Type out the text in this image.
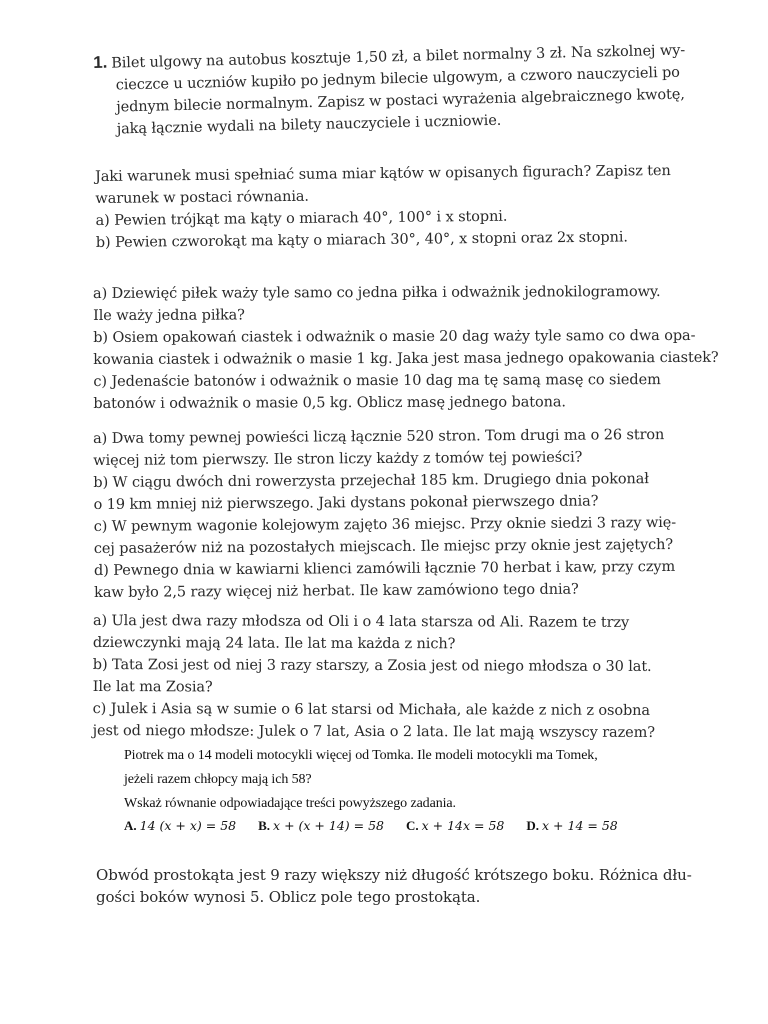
1. Bilet ulgowy na autobus kosztuje 1,50 zł, a bilet normalny 3 zł. Na szkolnej wy-
cieczce u uczniów kupiło po jednym bilecie ulgowym, a czworo nauczycieli po
jednym bilecie normalnym. Zapisz w postaci wyrażenia algebraicznego kwotę,
jaką łącznie wydali na bilety nauczyciele i uczniowie.
Jaki warunek musi spełniać suma miar kątów w opisanych figurach? Zapisz ten
warunek w postaci równania.
a) Pewien trójkąt ma kąty o miarach 40°, 100° i x stopni.
b) Pewien czworokąt ma kąty o miarach 30°, 40°, x stopni oraz 2x stopni.
a) Dziewięć piłek waży tyle samo co jedna piłka i odważnik jednokilogramowy.
Ile waży jedna piłka?
b) Osiem opakowań ciastek i odważnik o masie 20 dag waży tyle samo co dwa opa-
kowania ciastek i odważnik o masie 1 kg. Jaka jest masa jednego opakowania ciastek?
c) Jedenaście batonów i odważnik o masie 10 dag ma tę samą masę co siedem
batonów i odważnik o masie 0,5 kg. Oblicz masę jednego batona.
a) Dwa tomy pewnej powieści liczą łącznie 520 stron. Tom drugi ma o 26 stron
więcej niż tom pierwszy. Ile stron liczy każdy z tomów tej powieści?
b) W ciągu dwóch dni rowerzysta przejechał 185 km. Drugiego dnia pokonał
o 19 km mniej niż pierwszego. Jaki dystans pokonał pierwszego dnia?
c) W pewnym wagonie kolejowym zajęto 36 miejsc. Przy oknie siedzi 3 razy wię-
cej pasażerów niż na pozostałych miejscach. Ile miejsc przy oknie jest zajętych?
d) Pewnego dnia w kawiarni klienci zamówili łącznie 70 herbat i kaw, przy czym
kaw było 2,5 razy więcej niż herbat. Ile kaw zamówiono tego dnia?
a) Ula jest dwa razy młodsza od Oli i o 4 lata starsza od Ali. Razem te trzy
dziewczynki mają 24 lata. Ile lat ma każda z nich?
b) Tata Zosi jest od niej 3 razy starszy, a Zosia jest od niego młodsza o 30 lat.
Ile lat ma Zosia?
c) Julek i Asia są w sumie o 6 lat starsi od Michała, ale każde z nich z osobna
jest od niego młodsze: Julek o 7 lat, Asia o 2 lata. Ile lat mają wszyscy razem?
Piotrek ma o 14 modeli motocykli więcej od Tomka. Ile modeli motocykli ma Tomek,
jeżeli razem chłopcy mają ich 58?
Wskaż równanie odpowiadające treści powyższego zadania.
A. 14 (x + x) = 58 B. x + (x + 14) = 58 C. x + 14x = 58 D. x + 14 = 58
Obwód prostokąta jest 9 razy większy niż długość krótszego boku. Różnica dłu-
gości boków wynosi 5. Oblicz pole tego prostokąta.
